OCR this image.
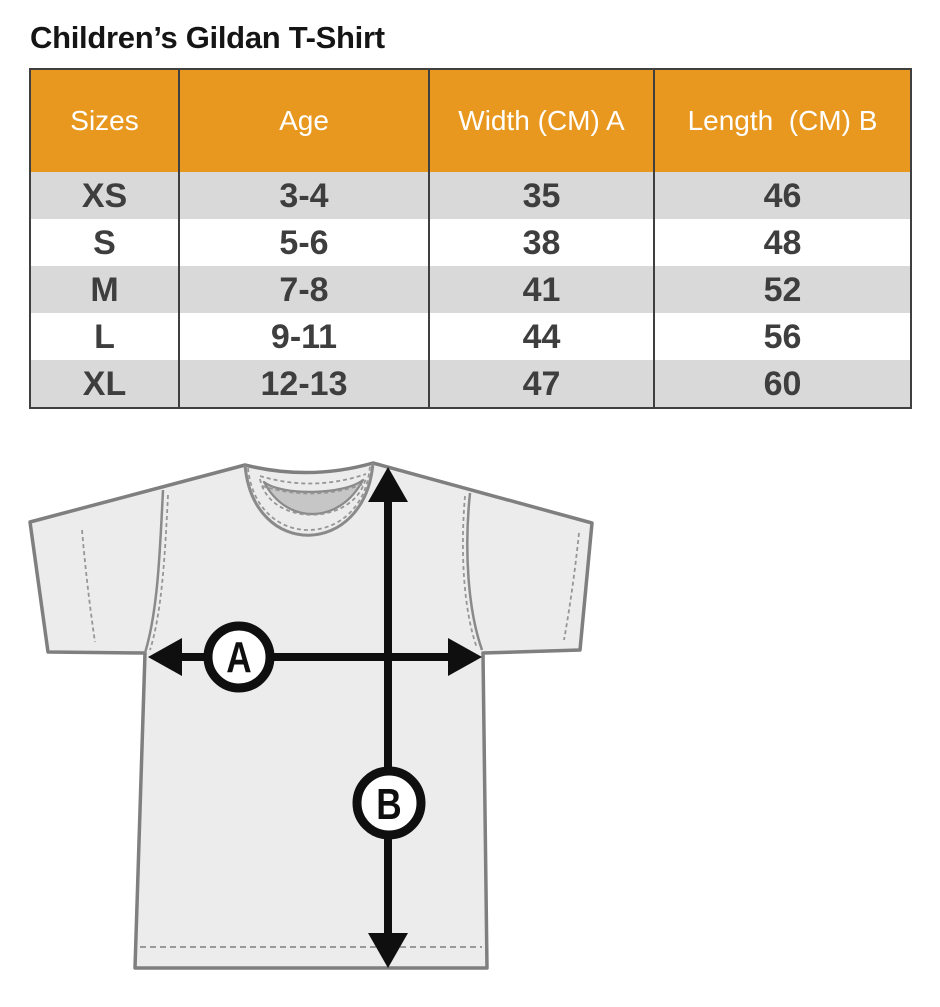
Children’s Gildan T-Shirt
Sizes	Age	Width (CM) A	Length  (CM) B
XS	3-4	35	46
S	5-6	38	48
M	7-8	41	52
L	9-11	44	56
XL	12-13	47	60
A
B
